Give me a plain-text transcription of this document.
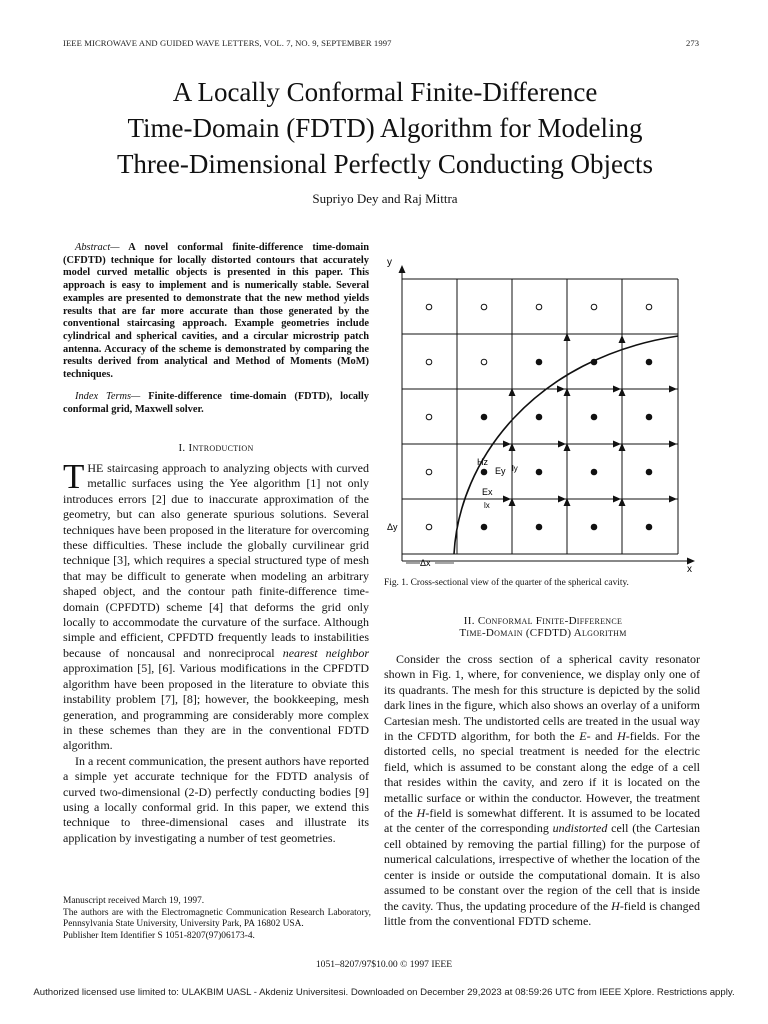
IEEE MICROWAVE AND GUIDED WAVE LETTERS, VOL. 7, NO. 9, SEPTEMBER 1997	273
A Locally Conformal Finite-Difference
Time-Domain (FDTD) Algorithm for Modeling
Three-Dimensional Perfectly Conducting Objects
Supriyo Dey and Raj Mittra
Abstract— A novel conformal finite-difference time-domain (CFDTD) technique for locally distorted contours that accurately model curved metallic objects is presented in this paper. This approach is easy to implement and is numerically stable. Several examples are presented to demonstrate that the new method yields results that are far more accurate than those generated by the conventional staircasing approach. Example geometries include cylindrical and spherical cavities, and a circular microstrip patch antenna. Accuracy of the scheme is demonstrated by comparing the results derived from analytical and Method of Moments (MoM) techniques.
Index Terms— Finite-difference time-domain (FDTD), locally conformal grid, Maxwell solver.
I. Introduction

THE staircasing approach to analyzing objects with curved metallic surfaces using the Yee algorithm [1] not only introduces errors [2] due to inaccurate approximation of the geometry, but can also generate spurious solutions. Several techniques have been proposed in the literature for overcoming these difficulties. These include the globally curvilinear grid technique [3], which requires a special structured type of mesh that may be difficult to generate when modeling an arbitrary shaped object, and the contour path finite-difference time-domain (CPFDTD) scheme [4] that deforms the grid only locally to accommodate the curvature of the surface. Although simple and efficient, CPFDTD frequently leads to instabilities because of noncausal and nonreciprocal nearest neighbor approximation [5], [6]. Various modifications in the CPFDTD algorithm have been proposed in the literature to obviate this instability problem [7], [8]; however, the bookkeeping, mesh generation, and programming are considerably more complex in these schemes than they are in the conventional FDTD algorithm.

In a recent communication, the present authors have reported a simple yet accurate technique for the FDTD analysis of curved two-dimensional (2-D) perfectly conducting bodies [9] using a locally conformal grid. In this paper, we extend this technique to three-dimensional cases and illustrate its application by investigating a number of test geometries.

Manuscript received March 19, 1997.
The authors are with the Electromagnetic Communication Research Laboratory, Pennsylvania State University, University Park, PA 16802 USA.
Publisher Item Identifier S 1051-8207(97)06173-4.
y
x
Hz
Ey ly
Ex
lx
Δy
Δx
Fig. 1. Cross-sectional view of the quarter of the spherical cavity.
II. Conformal Finite-Difference
Time-Domain (CFDTD) Algorithm

Consider the cross section of a spherical cavity resonator shown in Fig. 1, where, for convenience, we display only one of its quadrants. The mesh for this structure is depicted by the solid dark lines in the figure, which also shows an overlay of a uniform Cartesian mesh. The undistorted cells are treated in the usual way in the CFDTD algorithm, for both the E- and H-fields. For the distorted cells, no special treatment is needed for the electric field, which is assumed to be constant along the edge of a cell that resides within the cavity, and zero if it is located on the metallic surface or within the conductor. However, the treatment of the H-field is somewhat different. It is assumed to be located at the center of the corresponding undistorted cell (the Cartesian cell obtained by removing the partial filling) for the purpose of numerical calculations, irrespective of whether the location of the center is inside or outside the computational domain. It is also assumed to be constant over the region of the cell that is inside the cavity. Thus, the updating procedure of the H-field is changed little from the conventional FDTD scheme.

1051–8207/97$10.00 © 1997 IEEE
Authorized licensed use limited to: ULAKBIM UASL - Akdeniz Universitesi. Downloaded on December 29,2023 at 08:59:26 UTC from IEEE Xplore. Restrictions apply.
